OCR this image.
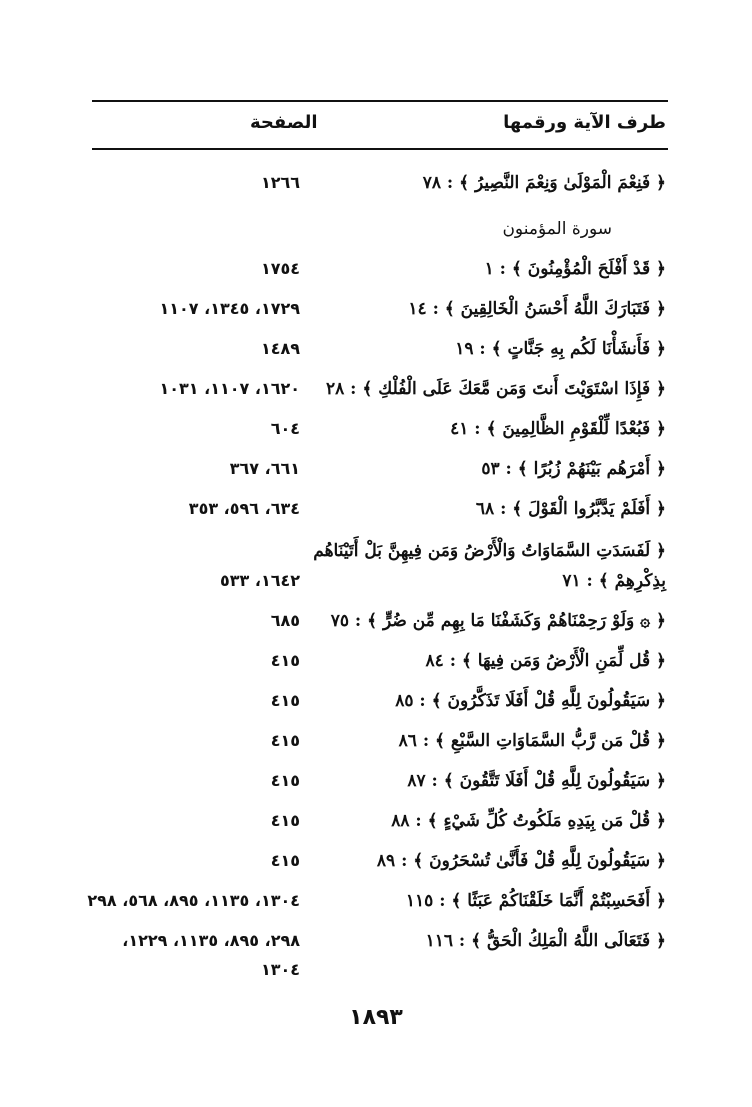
طرف الآية ورقمها
الصفحة
﴿ فَنِعْمَ الْمَوْلَىٰ وَنِعْمَ النَّصِيرُ ﴾ : ٧٨
١٢٦٦
سورة المؤمنون
﴿ قَدْ أَفْلَحَ الْمُؤْمِنُونَ ﴾ : ١
١٧٥٤
﴿ فَتَبَارَكَ اللَّهُ أَحْسَنُ الْخَالِقِينَ ﴾ : ١٤
١٧٢٩، ١٣٤٥، ١١٠٧
﴿ فَأَنشَأْنَا لَكُم بِهِ جَنَّاتٍ ﴾ : ١٩
١٤٨٩
﴿ فَإِذَا اسْتَوَيْتَ أَنتَ وَمَن مَّعَكَ عَلَى الْفُلْكِ ﴾ : ٢٨
١٦٢٠، ١١٠٧، ١٠٣١
﴿ فَبُعْدًا لِّلْقَوْمِ الظَّالِمِينَ ﴾ : ٤١
٦٠٤
﴿ أَمْرَهُم بَيْنَهُمْ زُبُرًا ﴾ : ٥٣
٦٦١، ٣٦٧
﴿ أَفَلَمْ يَدَّبَّرُوا الْقَوْلَ ﴾ : ٦٨
٦٣٤، ٥٩٦، ٣٥٣
﴿ لَفَسَدَتِ السَّمَاوَاتُ وَالْأَرْضُ وَمَن فِيهِنَّ بَلْ أَتَيْنَاهُم
بِذِكْرِهِمْ ﴾ : ٧١
١٦٤٢، ٥٣٣
﴿ ۞ وَلَوْ رَحِمْنَاهُمْ وَكَشَفْنَا مَا بِهِم مِّن ضُرٍّ ﴾ : ٧٥
٦٨٥
﴿ قُل لِّمَنِ الْأَرْضُ وَمَن فِيهَا ﴾ : ٨٤
٤١٥
﴿ سَيَقُولُونَ لِلَّهِ قُلْ أَفَلَا تَذَكَّرُونَ ﴾ : ٨٥
٤١٥
﴿ قُلْ مَن رَّبُّ السَّمَاوَاتِ السَّبْعِ ﴾ : ٨٦
٤١٥
﴿ سَيَقُولُونَ لِلَّهِ قُلْ أَفَلَا تَتَّقُونَ ﴾ : ٨٧
٤١٥
﴿ قُلْ مَن بِيَدِهِ مَلَكُوتُ كُلِّ شَيْءٍ ﴾ : ٨٨
٤١٥
﴿ سَيَقُولُونَ لِلَّهِ قُلْ فَأَنَّىٰ تُسْحَرُونَ ﴾ : ٨٩
٤١٥
﴿ أَفَحَسِبْتُمْ أَنَّمَا خَلَقْنَاكُمْ عَبَثًا ﴾ : ١١٥
١٣٠٤، ١١٣٥، ٨٩٥، ٥٦٨، ٢٩٨
﴿ فَتَعَالَى اللَّهُ الْمَلِكُ الْحَقُّ ﴾ : ١١٦
٢٩٨، ٨٩٥، ١١٣٥، ١٢٢٩،
١٣٠٤
١٨٩٣
